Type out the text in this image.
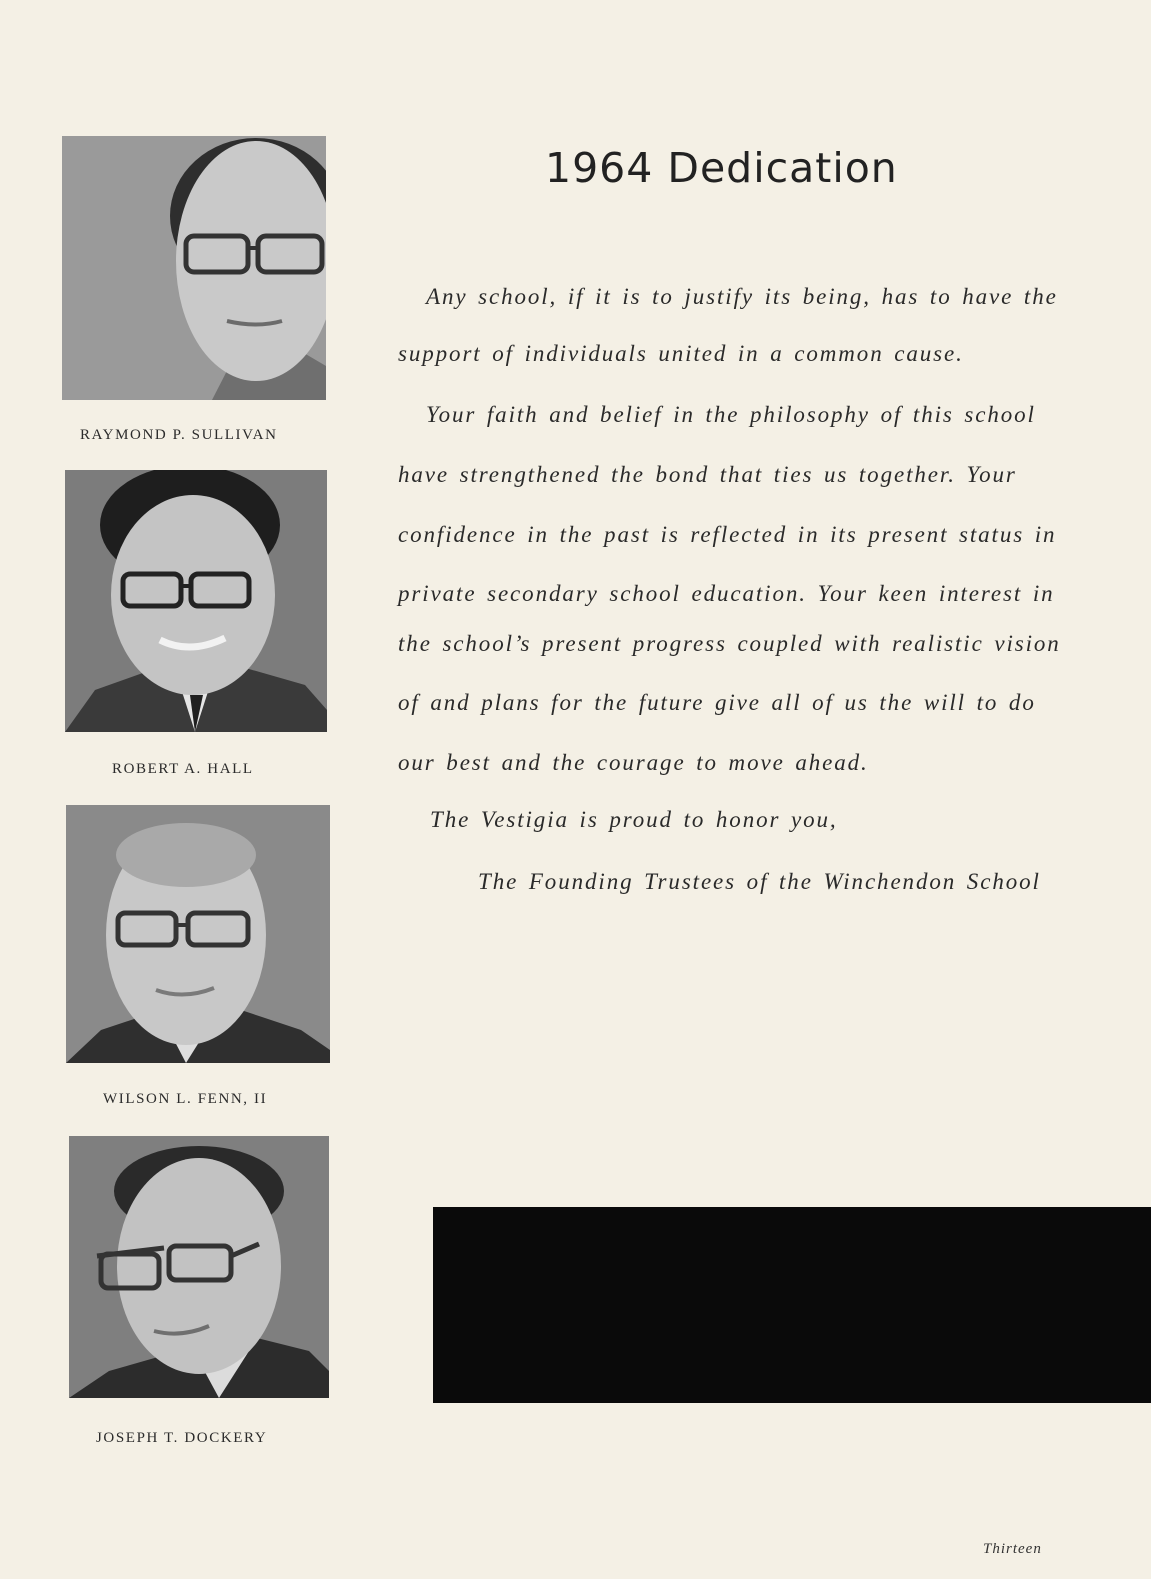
RAYMOND P. SULLIVAN
ROBERT A. HALL
WILSON L. FENN, II
JOSEPH T. DOCKERY
1964 Dedication
Any school, if it is to justify its being, has to have the
support of individuals united in a common cause.
Your faith and belief in the philosophy of this school
have strengthened the bond that ties us together. Your
confidence in the past is reflected in its present status in
private secondary school education. Your keen interest in
the school’s present progress coupled with realistic vision
of and plans for the future give all of us the will to do
our best and the courage to move ahead.
The Vestigia is proud to honor you,
The Founding Trustees of the Winchendon School
Thirteen
